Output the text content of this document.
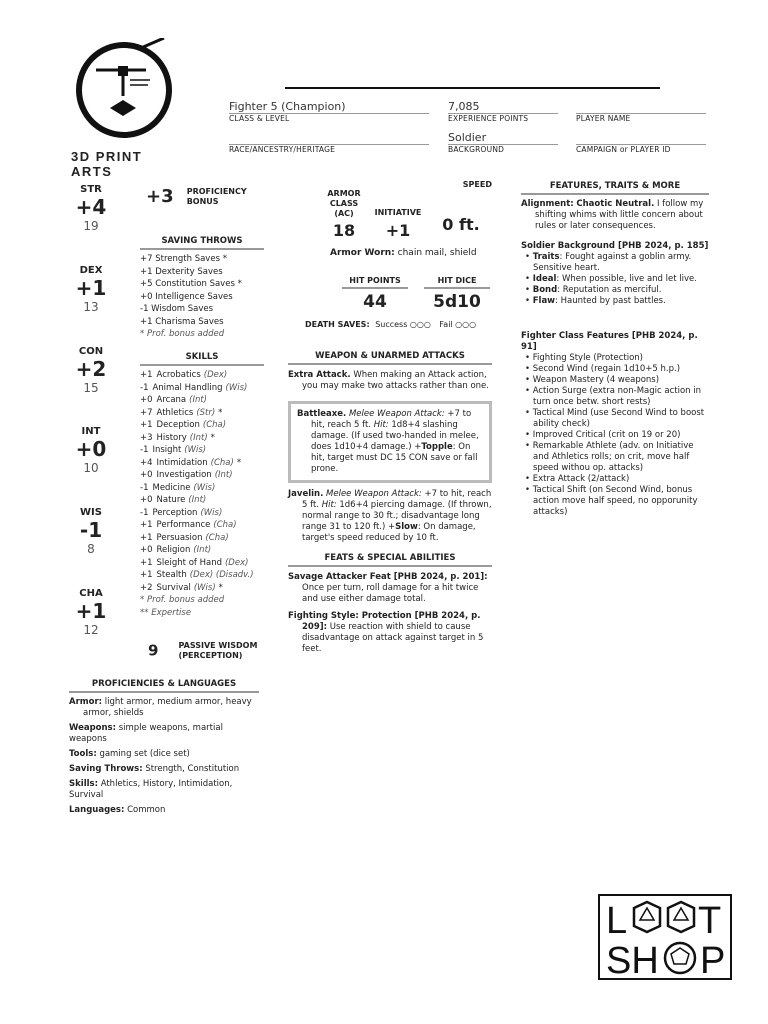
3D PRINT ARTS
Fighter 5 (Champion)
CLASS & LEVEL
7,085
EXPERIENCE POINTS	PLAYER NAME
RACE/ANCESTRY/HERITAGE
Soldier
BACKGROUND	CAMPAIGN or PLAYER ID
STR
+4
19
DEX
+1
13
CON
+2
15
INT
+0
10
WIS
-1
8
CHA
+1
12
+3 PROFICIENCY
BONUS
SAVING THROWS
+7 Strength Saves *
+1 Dexterity Saves
+5 Constitution Saves *
+0 Intelligence Saves
-1 Wisdom Saves
+1 Charisma Saves
* Prof. bonus added
SKILLS
+1 Acrobatics (Dex)
-1 Animal Handling (Wis)
+0 Arcana (Int)
+7 Athletics (Str) *
+1 Deception (Cha)
+3 History (Int) *
-1 Insight (Wis)
+4 Intimidation (Cha) *
+0 Investigation (Int)
-1 Medicine (Wis)
+0 Nature (Int)
-1 Perception (Wis)
+1 Performance (Cha)
+1 Persuasion (Cha)
+0 Religion (Int)
+1 Sleight of Hand (Dex)
+1 Stealth (Dex) (Disadv.)
+2 Survival (Wis) *
* Prof. bonus added
** Expertise
9	PASSIVE WISDOM
(PERCEPTION)
PROFICIENCIES & LANGUAGES
Armor: light armor, medium armor, heavy armor, shields
Weapons: simple weapons, martial weapons
Tools: gaming set (dice set)
Saving Throws: Strength, Constitution
Skills: Athletics, History, Intimidation, Survival
Languages: Common
ARMOR
CLASS
(AC)
18
INITIATIVE
+1
SPEED
0 ft.
Armor Worn: chain mail, shield
HIT POINTS
44
HIT DICE
5d10
DEATH SAVES: Success ○○○ Fail ○○○
WEAPON & UNARMED ATTACKS
Extra Attack. When making an Attack action, you may make two attacks rather than one.
Battleaxe. Melee Weapon Attack: +7 to hit, reach 5 ft. Hit: 1d8+4 slashing damage. (If used two-handed in melee, does 1d10+4 damage.) +Topple: On hit, target must DC 15 CON save or fall prone.
Javelin. Melee Weapon Attack: +7 to hit, reach 5 ft. Hit: 1d6+4 piercing damage. (If thrown, normal range to 30 ft.; disadvantage long range 31 to 120 ft.) +Slow: On damage, target's speed reduced by 10 ft.
FEATS & SPECIAL ABILITIES
Savage Attacker Feat [PHB 2024, p. 201]: Once per turn, roll damage for a hit twice and use either damage total.
Fighting Style: Protection [PHB 2024, p. 209]: Use reaction with shield to cause disadvantage on attack against target in 5 feet.
FEATURES, TRAITS & MORE
Alignment: Chaotic Neutral. I follow my shifting whims with little concern about rules or later consequences.
Soldier Background [PHB 2024, p. 185]
• Traits: Fought against a goblin army. Sensitive heart.
• Ideal: When possible, live and let live.
• Bond: Reputation as merciful.
• Flaw: Haunted by past battles.
Fighter Class Features [PHB 2024, p. 91]
• Fighting Style (Protection)
• Second Wind (regain 1d10+5 h.p.)
• Weapon Mastery (4 weapons)
• Action Surge (extra non-Magic action in turn once betw. short rests)
• Tactical Mind (use Second Wind to boost ability check)
• Improved Critical (crit on 19 or 20)
• Remarkable Athlete (adv. on Initiative and Athletics rolls; on crit, move half speed withou op. attacks)
• Extra Attack (2/attack)
• Tactical Shift (on Second Wind, bonus action move half speed, no opporunity attacks)
L T
SH P
